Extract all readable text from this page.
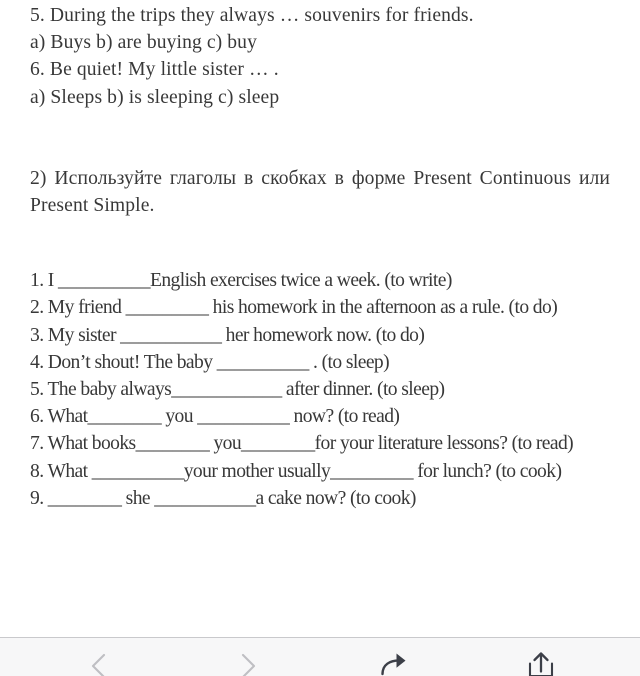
5. During the trips they always … souvenirs for friends.

a) Buys b) are buying c) buy

6. Be quiet! My little sister … .

a) Sleeps b) is sleeping c) sleep

2) Используйте глаголы в скобках в форме Present Continuous или Present Simple.

1. I __________English exercises twice a week. (to write)

2. My friend _________ his homework in the afternoon as a rule. (to do)

3. My sister ___________ her homework now. (to do)

4. Don’t shout! The baby __________ . (to sleep)

5. The baby always____________ after dinner. (to sleep)

6. What________ you __________ now? (to read)

7. What books________ you________for your literature lessons? (to read)

8. What __________your mother usually_________ for lunch? (to cook)

9. ________ she ___________a cake now? (to cook)
